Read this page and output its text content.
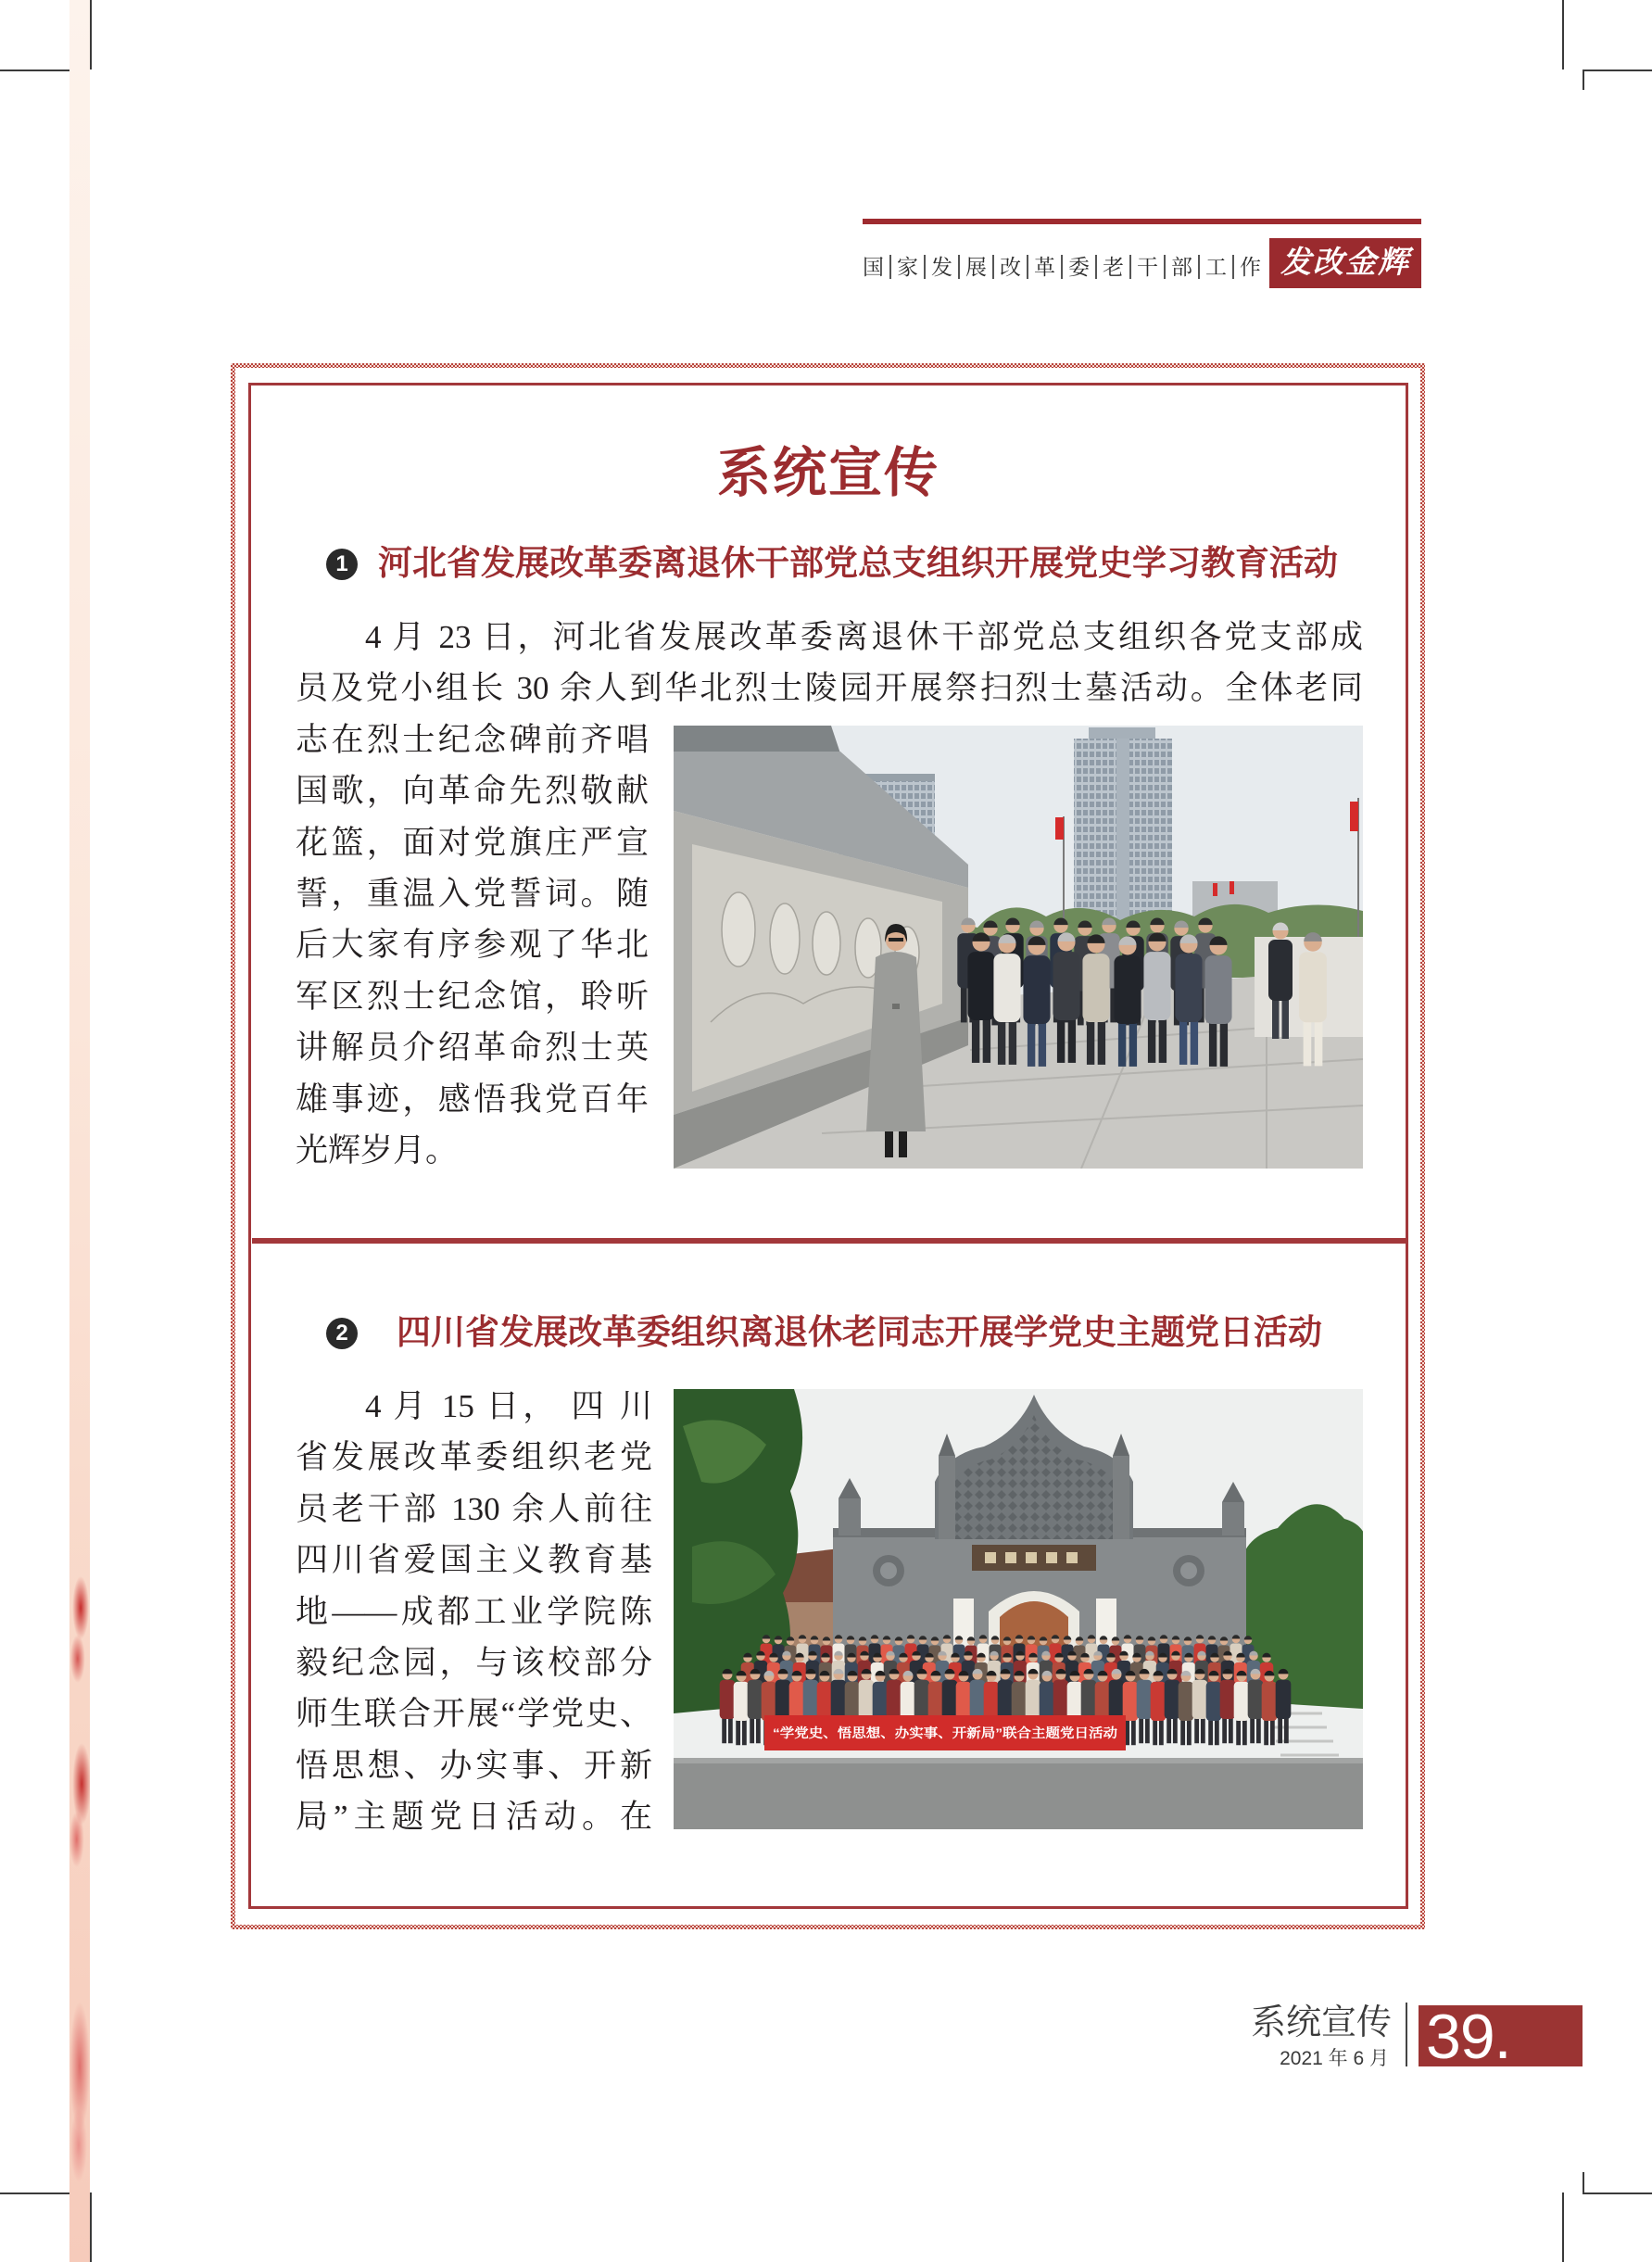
国 家 发 展 改 革 委 老 干 部 工 作 发改金辉
系统宣传
1 河北省发展改革委离退休干部党总支组织开展党史学习教育活动
4 月 23 日，河北省发展改革委离退休干部党总支组织各党支部成
员及党小组长 30 余人到华北烈士陵园开展祭扫烈士墓活动。全体老同
志在烈士纪念碑前齐唱
国歌，向革命先烈敬献
花篮，面对党旗庄严宣
誓，重温入党誓词。随
后大家有序参观了华北
军区烈士纪念馆，聆听
讲解员介绍革命烈士英
雄事迹，感悟我党百年
光辉岁月。
2 四川省发展改革委组织离退休老同志开展学党史主题党日活动
4 月 15 日， 四 川
省发展改革委组织老党
员老干部 130 余人前往
四川省爱国主义教育基
地——成都工业学院陈
毅纪念园，与该校部分
师生联合开展“学党史、
悟思想、办实事、开新
局”主题党日活动。在
“学党史、悟思想、办实事、开新局”联合主题党日活动
系统宣传
2021 年 6 月 39.
